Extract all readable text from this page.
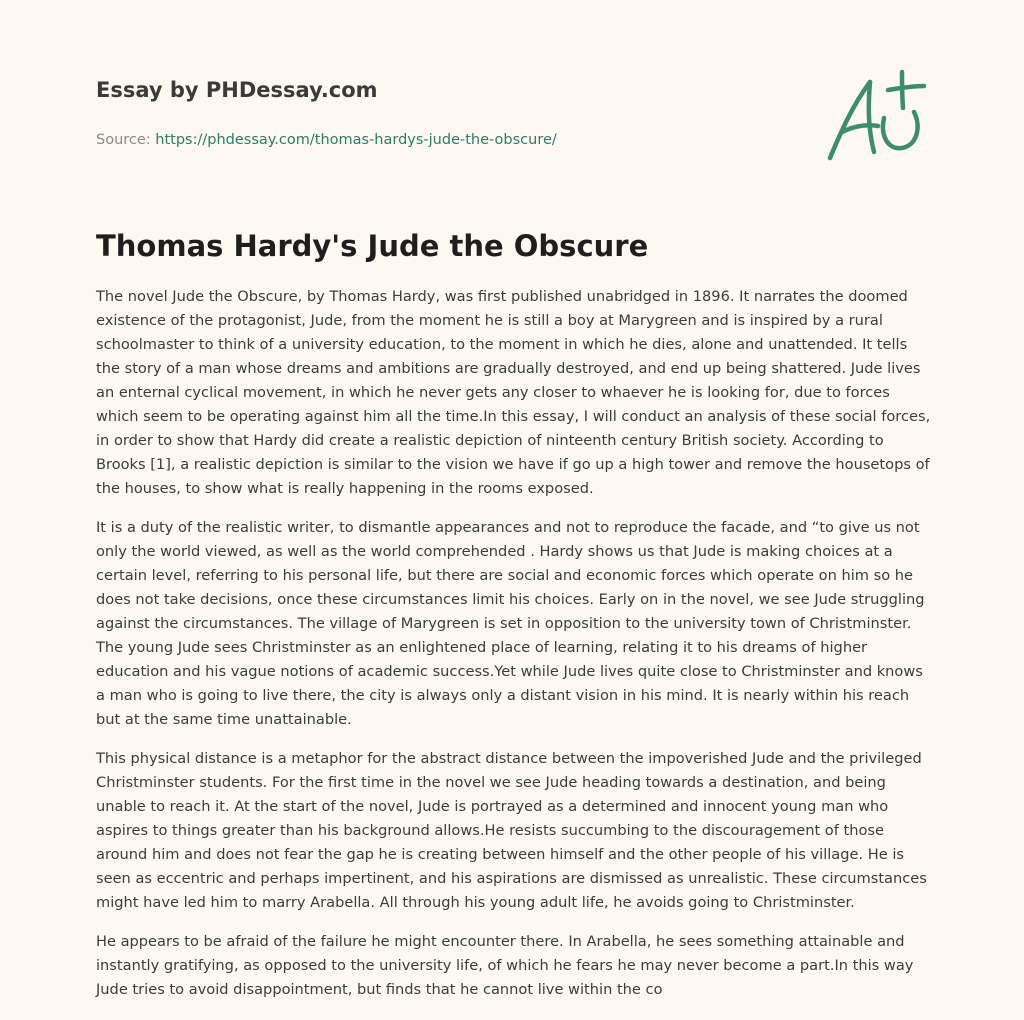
Essay by PHDessay.com
Source: https://phdessay.com/thomas-hardys-jude-the-obscure/
Thomas Hardy's Jude the Obscure

The novel Jude the Obscure, by Thomas Hardy, was first published unabridged in 1896. It narrates the doomed existence of the protagonist, Jude, from the moment he is still a boy at Marygreen and is inspired by a rural schoolmaster to think of a university education, to the moment in which he dies, alone and unattended. It tells the story of a man whose dreams and ambitions are gradually destroyed, and end up being shattered. Jude lives an enternal cyclical movement, in which he never gets any closer to whaever he is looking for, due to forces which seem to be operating against him all the time.In this essay, I will conduct an analysis of these social forces, in order to show that Hardy did create a realistic depiction of ninteenth century British society. According to Brooks [1], a realistic depiction is similar to the vision we have if go up a high tower and remove the housetops of the houses, to show what is really happening in the rooms exposed.

It is a duty of the realistic writer, to dismantle appearances and not to reproduce the facade, and “to give us not only the world viewed, as well as the world comprehended . Hardy shows us that Jude is making choices at a certain level, referring to his personal life, but there are social and economic forces which operate on him so he does not take decisions, once these circumstances limit his choices. Early on in the novel, we see Jude struggling against the circumstances. The village of Marygreen is set in opposition to the university town of Christminster. The young Jude sees Christminster as an enlightened place of learning, relating it to his dreams of higher education and his vague notions of academic success.Yet while Jude lives quite close to Christminster and knows a man who is going to live there, the city is always only a distant vision in his mind. It is nearly within his reach but at the same time unattainable.

This physical distance is a metaphor for the abstract distance between the impoverished Jude and the privileged Christminster students. For the first time in the novel we see Jude heading towards a destination, and being unable to reach it. At the start of the novel, Jude is portrayed as a determined and innocent young man who aspires to things greater than his background allows.He resists succumbing to the discouragement of those around him and does not fear the gap he is creating between himself and the other people of his village. He is seen as eccentric and perhaps impertinent, and his aspirations are dismissed as unrealistic. These circumstances might have led him to marry Arabella. All through his young adult life, he avoids going to Christminster.

He appears to be afraid of the failure he might encounter there. In Arabella, he sees something attainable and instantly gratifying, as opposed to the university life, of which he fears he may never become a part.In this way Jude tries to avoid disappointment, but finds that he cannot live within the co
